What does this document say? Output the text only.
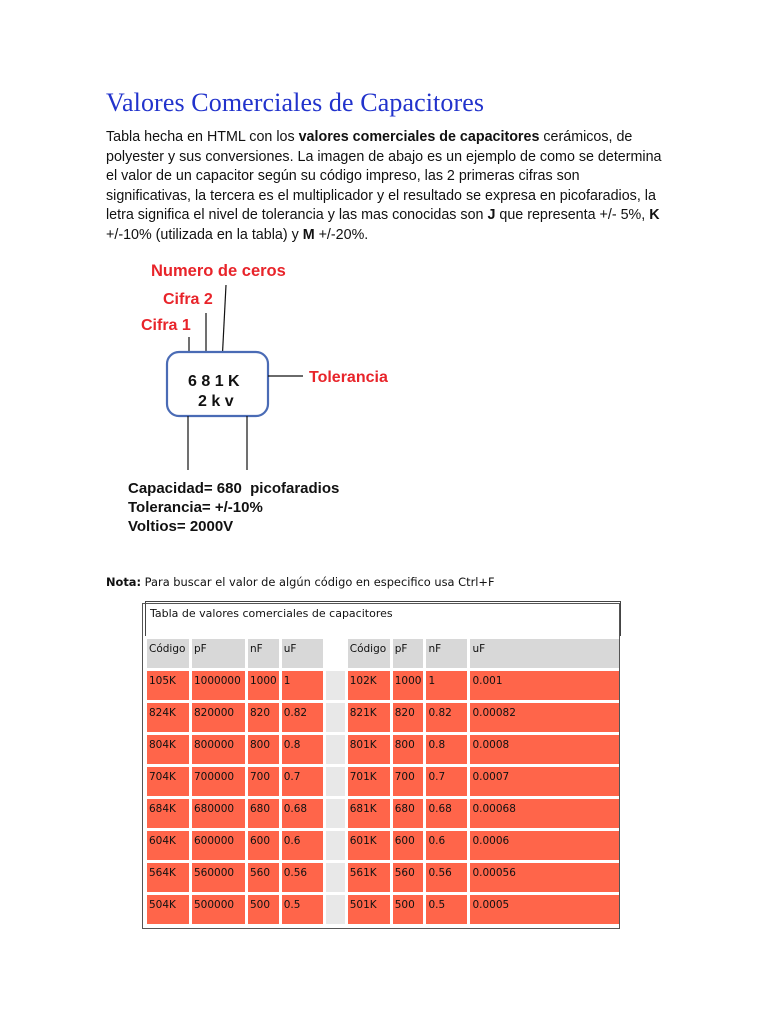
Valores Comerciales de Capacitores

Tabla hecha en HTML con los valores comerciales de capacitores cerámicos, de polyester y sus conversiones. La imagen de abajo es un ejemplo de como se determina el valor de un capacitor según su código impreso, las 2 primeras cifras son significativas, la tercera es el multiplicador y el resultado se expresa en picofaradios, la letra significa el nivel de tolerancia y las mas conocidas son J que representa +/- 5%, K +/-10% (utilizada en la tabla) y M +/-20%.

Numero de ceros
Cifra 2
Cifra 1
6 8 1 K
2 k v
Tolerancia
Capacidad= 680  picofaradios
Tolerancia= +/-10%
Voltios= 2000V

Nota: Para buscar el valor de algún código en especifico usa Ctrl+F

Tabla de valores comerciales de capacitores								
Código	pF	nF	uF		Código	pF	nF	uF
105K	1000000	1000	1		102K	1000	1	0.001
824K	820000	820	0.82		821K	820	0.82	0.00082
804K	800000	800	0.8		801K	800	0.8	0.0008
704K	700000	700	0.7		701K	700	0.7	0.0007
684K	680000	680	0.68		681K	680	0.68	0.00068
604K	600000	600	0.6		601K	600	0.6	0.0006
564K	560000	560	0.56		561K	560	0.56	0.00056
504K	500000	500	0.5		501K	500	0.5	0.0005
